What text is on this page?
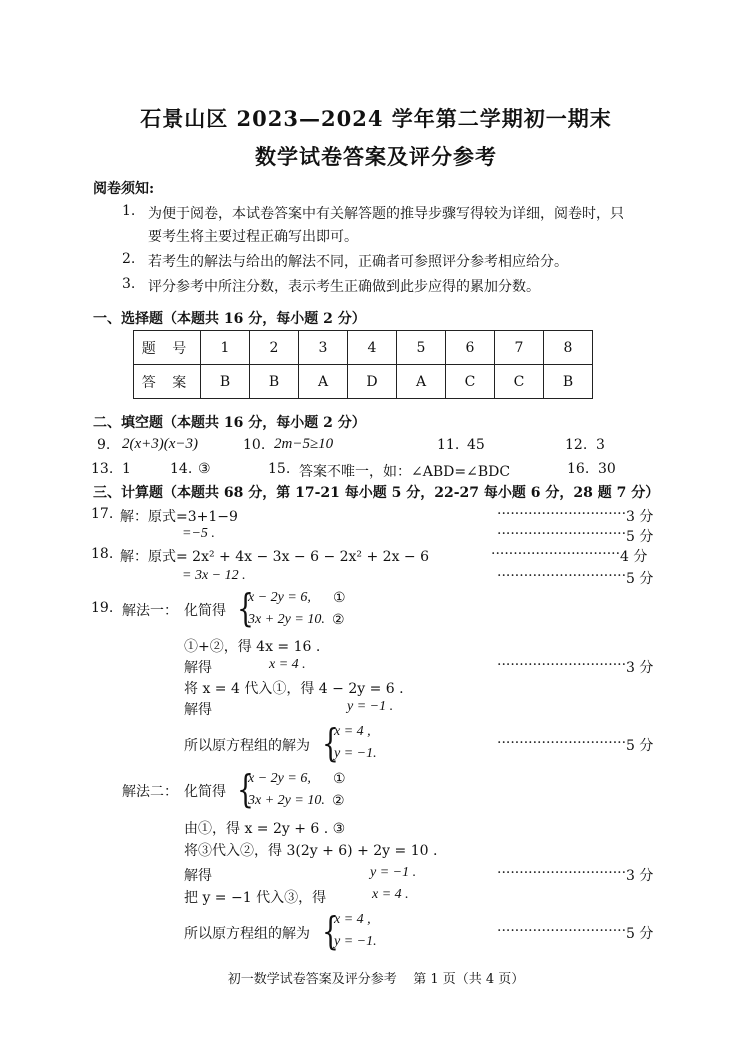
石景山区 2023—2024 学年第二学期初一期末
数学试卷答案及评分参考
阅卷须知:
1. 为便于阅卷，本试卷答案中有关解答题的推导步骤写得较为详细，阅卷时，只
要考生将主要过程正确写出即可。
2. 若考生的解法与给出的解法不同，正确者可参照评分参考相应给分。
3. 评分参考中所注分数，表示考生正确做到此步应得的累加分数。
一、选择题（本题共 16 分，每小题 2 分）
题 号	1	2	3	4	5	6	7	8
答 案	B	B	A	D	A	C	C	B
二、填空题（本题共 16 分，每小题 2 分）
9. 2(x+3)(x−3)	10. 2m−5≥10	11. 45	12. 3
13. 1	14. ③	15. 答案不唯一，如：∠ABD=∠BDC	16. 30
三、计算题（本题共 68 分，第 17-21 每小题 5 分，22-27 每小题 6 分，28 题 7 分）
17. 解：原式=3+1−9	····························· 3 分
=−5 .	····························· 5 分
18. 解：原式= 2x² + 4x − 3x − 6 − 2x² + 2x − 6	····························· 4 分
= 3x − 12 .	····························· 5 分
19. 解法一： 化简得 {
x − 2y = 6, ①
3x + 2y = 10. ②
①+②，得 4x = 16 .
解得	x = 4 .	····························· 3 分
将 x = 4 代入①，得 4 − 2y = 6 .
解得	y = −1 .
所以原方程组的解为 {
x = 4 ,
y = −1.
····························· 5 分
解法二： 化简得 {
x − 2y = 6, ①
3x + 2y = 10. ②
由①，得 x = 2y + 6 . ③
将③代入②，得 3(2y + 6) + 2y = 10 .
解得	y = −1 .	····························· 3 分
把 y = −1 代入③，得	x = 4 .
所以原方程组的解为 {
x = 4 ,
y = −1.
····························· 5 分
初一数学试卷答案及评分参考    第 1 页（共 4 页）
